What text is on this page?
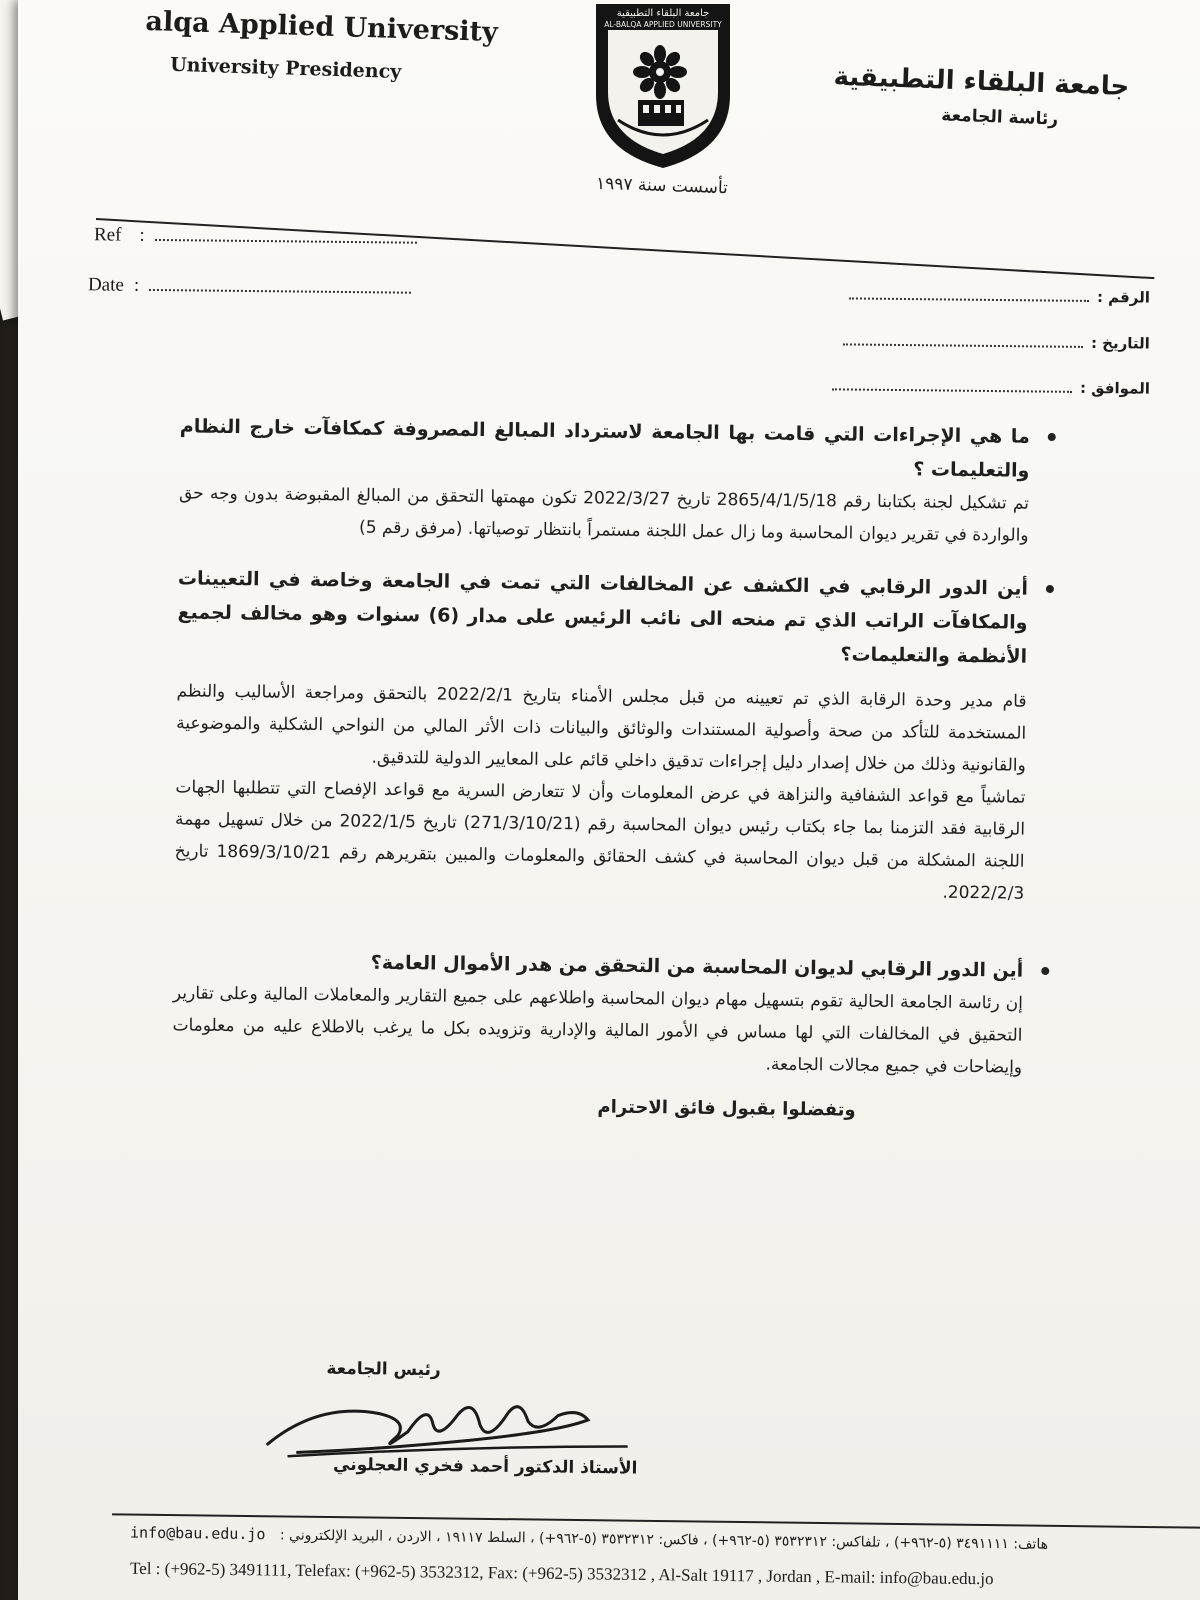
alqa Applied University
University Presidency
جامعة البلقاء التطبيقية
AL-BALQA APPLIED UNIVERSITY
تأسست سنة ١٩٩٧
جامعة البلقاء التطبيقية
رئاسة الجامعة
Ref :
Date :
الرقم :
التاريخ :
الموافق :
ما هي الإجراءات التي قامت بها الجامعة لاسترداد المبالغ المصروفة كمكافآت خارج النظام والتعليمات ؟
تم تشكيل لجنة بكتابنا رقم 2865/4/1/5/18 تاريخ 2022/3/27 تكون مهمتها التحقق من المبالغ المقبوضة بدون وجه حق والواردة في تقرير ديوان المحاسبة وما زال عمل اللجنة مستمراً بانتظار توصياتها. (مرفق رقم 5)
أين الدور الرقابي في الكشف عن المخالفات التي تمت في الجامعة وخاصة في التعيينات والمكافآت الراتب الذي تم منحه الى نائب الرئيس على مدار (6) سنوات وهو مخالف لجميع الأنظمة والتعليمات؟
قام مدير وحدة الرقابة الذي تم تعيينه من قبل مجلس الأمناء بتاريخ 2022/2/1 بالتحقق ومراجعة الأساليب والنظم المستخدمة للتأكد من صحة وأصولية المستندات والوثائق والبيانات ذات الأثر المالي من النواحي الشكلية والموضوعية والقانونية وذلك من خلال إصدار دليل إجراءات تدقيق داخلي قائم على المعايير الدولية للتدقيق.
تماشياً مع قواعد الشفافية والنزاهة في عرض المعلومات وأن لا تتعارض السرية مع قواعد الإفصاح التي تتطلبها الجهات الرقابية فقد التزمنا بما جاء بكتاب رئيس ديوان المحاسبة رقم (271/3/10/21) تاريخ 2022/1/5 من خلال تسهيل مهمة اللجنة المشكلة من قبل ديوان المحاسبة في كشف الحقائق والمعلومات والمبين بتقريرهم رقم 1869/3/10/21 تاريخ 2022/2/3.
أين الدور الرقابي لديوان المحاسبة من التحقق من هدر الأموال العامة؟
إن رئاسة الجامعة الحالية تقوم بتسهيل مهام ديوان المحاسبة واطلاعهم على جميع التقارير والمعاملات المالية وعلى تقارير التحقيق في المخالفات التي لها مساس في الأمور المالية والإدارية وتزويده بكل ما يرغب بالاطلاع عليه من معلومات وإيضاحات في جميع مجالات الجامعة.
وتفضلوا بقبول فائق الاحترام
رئيس الجامعة
الأستاذ الدكتور أحمد فخري العجلوني
info@bau.edu.jo هاتف: ٣٤٩١١١١ (٥-٩٦٢+) ، تلفاكس: ٣٥٣٢٣١٢ (٥-٩٦٢+) ، فاكس: ٣٥٣٢٣١٢ (٥-٩٦٢+) ، السلط ١٩١١٧ ، الاردن ، البريد الإلكتروني :
Tel : (+962-5) 3491111, Telefax: (+962-5) 3532312, Fax: (+962-5) 3532312 , Al-Salt 19117 , Jordan , E-mail: info@bau.edu.jo
